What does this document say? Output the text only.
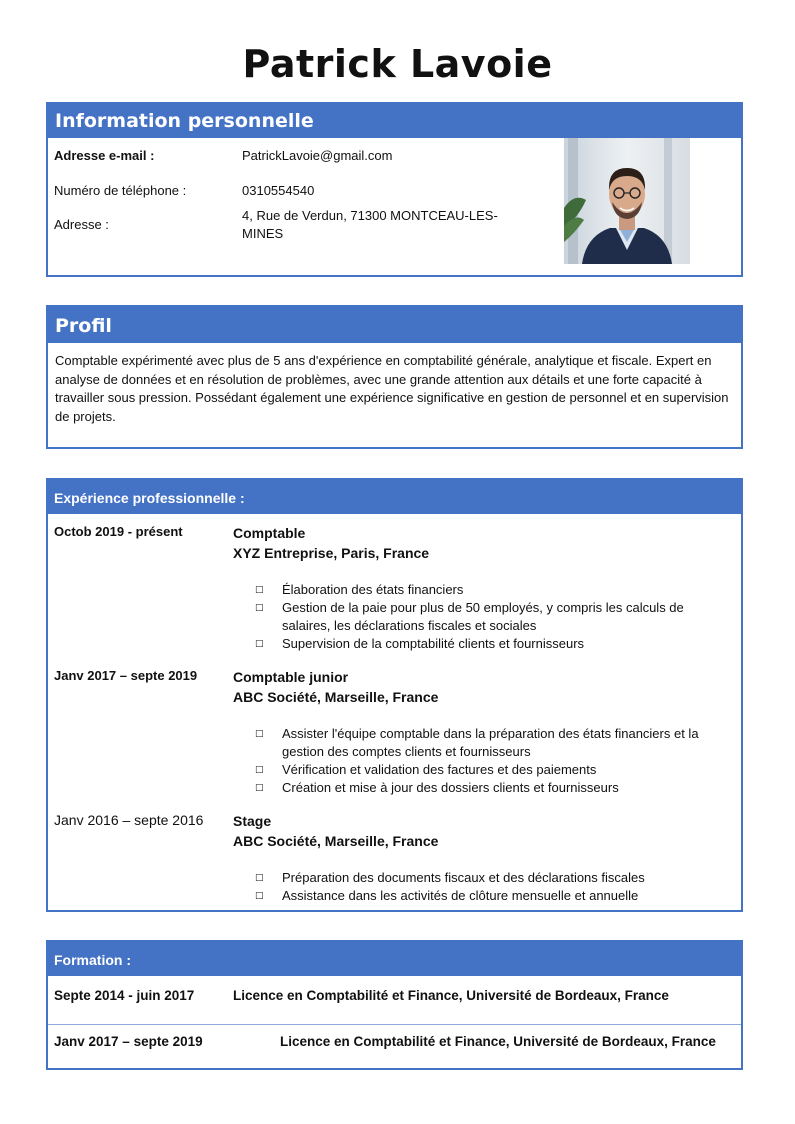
Patrick Lavoie
Information personnelle
Adresse e-mail :	PatrickLavoie@gmail.com
Numéro de téléphone :	0310554540
Adresse :
4, Rue de Verdun, 71300 MONTCEAU-LES-
MINES
Profil
Comptable expérimenté avec plus de 5 ans d'expérience en comptabilité générale, analytique et fiscale. Expert en analyse de données et en résolution de problèmes, avec une grande attention aux détails et une forte capacité à travailler sous pression. Possédant également une expérience significative en gestion de personnel et en supervision de projets.
Expérience professionnelle :
Octob 2019 - présent	Comptable
XYZ Entreprise, Paris, France
□ Élaboration des états financiers
□ Gestion de la paie pour plus de 50 employés, y compris les calculs de salaires, les déclarations fiscales et sociales
□ Supervision de la comptabilité clients et fournisseurs
Janv 2017 – septe 2019	Comptable junior
ABC Société, Marseille, France
□ Assister l'équipe comptable dans la préparation des états financiers et la gestion des comptes clients et fournisseurs
□ Vérification et validation des factures et des paiements
□ Création et mise à jour des dossiers clients et fournisseurs
Janv 2016 – septe 2016 Stage
ABC Société, Marseille, France
□ Préparation des documents fiscaux et des déclarations fiscales
□ Assistance dans les activités de clôture mensuelle et annuelle
Formation :
Septe 2014 - juin 2017	Licence en Comptabilité et Finance, Université de Bordeaux, France
Janv 2017 – septe 2019	Licence en Comptabilité et Finance, Université de Bordeaux, France
